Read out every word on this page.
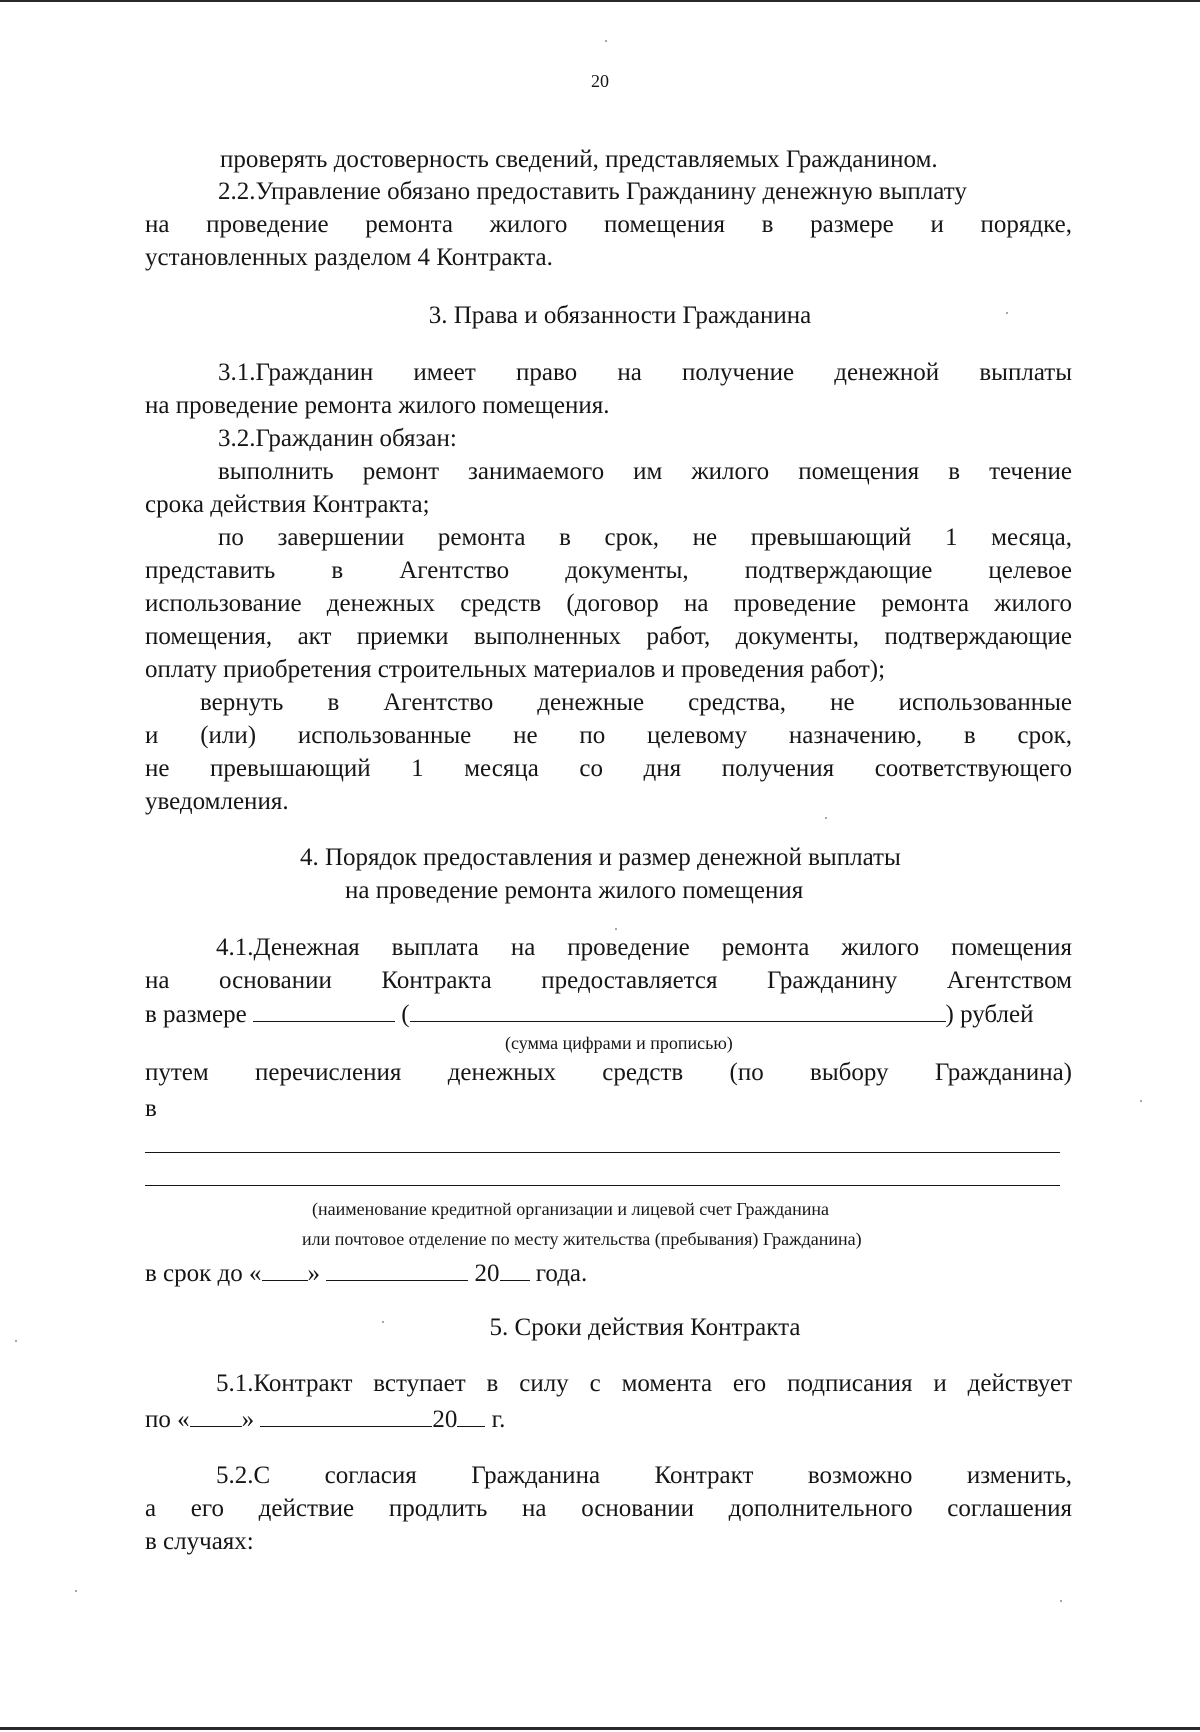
20
проверять достоверность сведений, представляемых Гражданином.
2.2.Управление обязано предоставить Гражданину денежную выплату
на проведение ремонта жилого помещения в размере и порядке,
установленных разделом 4 Контракта.
3. Права и обязанности Гражданина
3.1.Гражданин имеет право на получение денежной выплаты
на проведение ремонта жилого помещения.
3.2.Гражданин обязан:
выполнить ремонт занимаемого им жилого помещения в течение
срока действия Контракта;
по завершении ремонта в срок, не превышающий 1 месяца,
представить в Агентство документы, подтверждающие целевое
использование денежных средств (договор на проведение ремонта жилого
помещения, акт приемки выполненных работ, документы, подтверждающие
оплату приобретения строительных материалов и проведения работ);
вернуть в Агентство денежные средства, не использованные
и (или) использованные не по целевому назначению, в срок,
не превышающий 1 месяца со дня получения соответствующего
уведомления.
4. Порядок предоставления и размер денежной выплаты
на проведение ремонта жилого помещения
4.1.Денежная выплата на проведение ремонта жилого помещения
на основании Контракта предоставляется Гражданину Агентством
в размере	(	) рублей
(сумма цифрами и прописью)
путем перечисления денежных средств (по выбору Гражданина)
в
(наименование кредитной организации и лицевой счет Гражданина
или почтовое отделение по месту жительства (пребывания) Гражданина)
в срок до « »	20 года.
5. Сроки действия Контракта
5.1.Контракт вступает в силу с момента его подписания и действует
по « »	20 г.
5.2.С согласия Гражданина Контракт возможно изменить,
а его действие продлить на основании дополнительного соглашения
в случаях:
